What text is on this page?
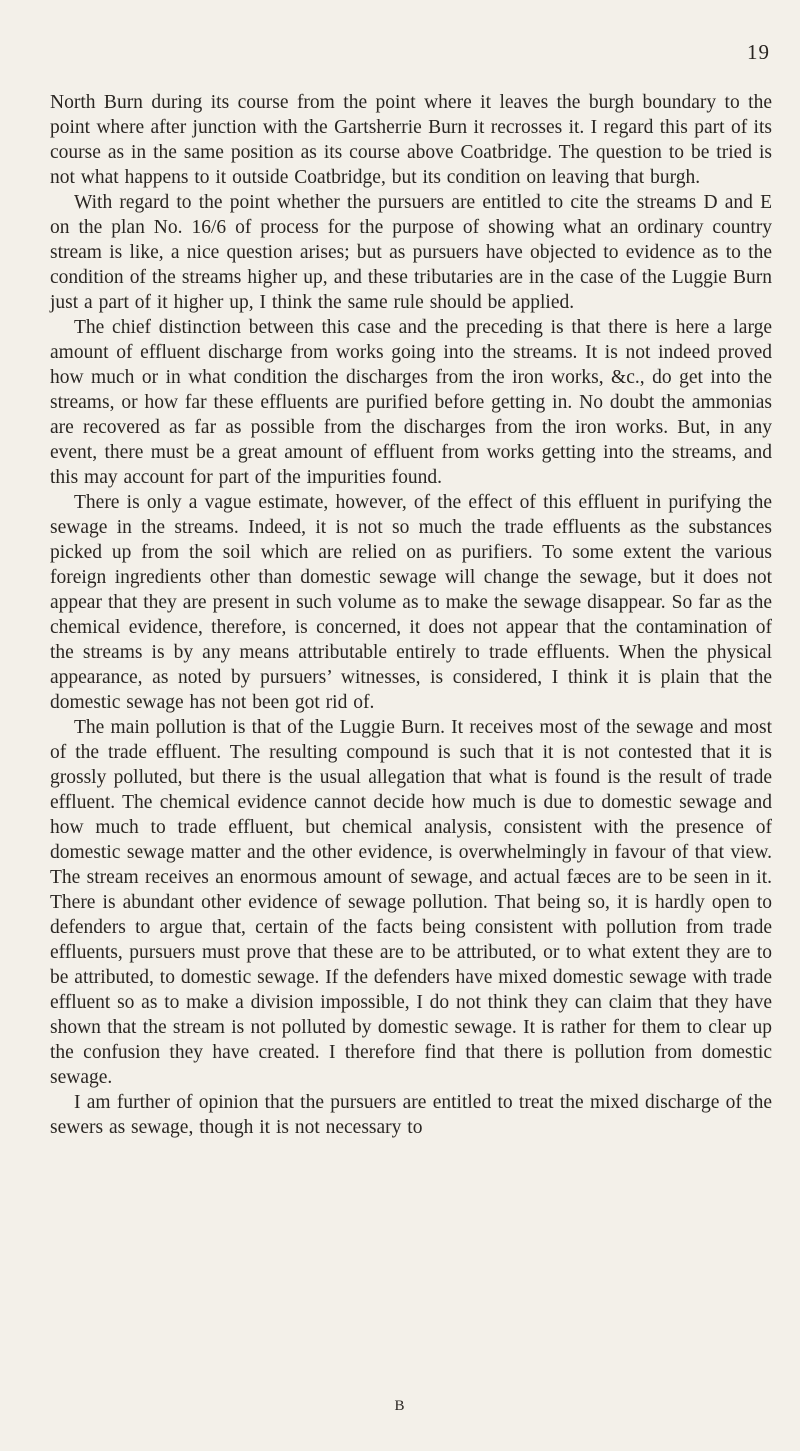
19

North Burn during its course from the point where it leaves the burgh boundary to the point where after junction with the Gartsherrie Burn it recrosses it. I regard this part of its course as in the same position as its course above Coatbridge. The question to be tried is not what happens to it outside Coatbridge, but its condition on leaving that burgh.

With regard to the point whether the pursuers are entitled to cite the streams D and E on the plan No. 16/6 of process for the purpose of showing what an ordinary country stream is like, a nice question arises; but as pursuers have objected to evidence as to the condition of the streams higher up, and these tributaries are in the case of the Luggie Burn just a part of it higher up, I think the same rule should be applied.

The chief distinction between this case and the preceding is that there is here a large amount of effluent discharge from works going into the streams. It is not indeed proved how much or in what condition the discharges from the iron works, &c., do get into the streams, or how far these effluents are purified before getting in. No doubt the ammonias are recovered as far as possible from the discharges from the iron works. But, in any event, there must be a great amount of effluent from works getting into the streams, and this may account for part of the impurities found.

There is only a vague estimate, however, of the effect of this effluent in purifying the sewage in the streams. Indeed, it is not so much the trade effluents as the substances picked up from the soil which are relied on as purifiers. To some extent the various foreign ingredients other than domestic sewage will change the sewage, but it does not appear that they are present in such volume as to make the sewage disappear. So far as the chemical evidence, therefore, is concerned, it does not appear that the contamination of the streams is by any means attributable entirely to trade effluents. When the physical appearance, as noted by pursuers’ witnesses, is considered, I think it is plain that the domestic sewage has not been got rid of.

The main pollution is that of the Luggie Burn. It receives most of the sewage and most of the trade effluent. The resulting compound is such that it is not contested that it is grossly polluted, but there is the usual allegation that what is found is the result of trade effluent. The chemical evidence cannot decide how much is due to domestic sewage and how much to trade effluent, but chemical analysis, consistent with the presence of domestic sewage matter and the other evidence, is overwhelmingly in favour of that view. The stream receives an enormous amount of sewage, and actual fæces are to be seen in it. There is abundant other evidence of sewage pollution. That being so, it is hardly open to defenders to argue that, certain of the facts being consistent with pollution from trade effluents, pursuers must prove that these are to be attributed, or to what extent they are to be attributed, to domestic sewage. If the defenders have mixed domestic sewage with trade effluent so as to make a division impossible, I do not think they can claim that they have shown that the stream is not polluted by domestic sewage. It is rather for them to clear up the confusion they have created. I therefore find that there is pollution from domestic sewage.

I am further of opinion that the pursuers are entitled to treat the mixed discharge of the sewers as sewage, though it is not necessary to

B
